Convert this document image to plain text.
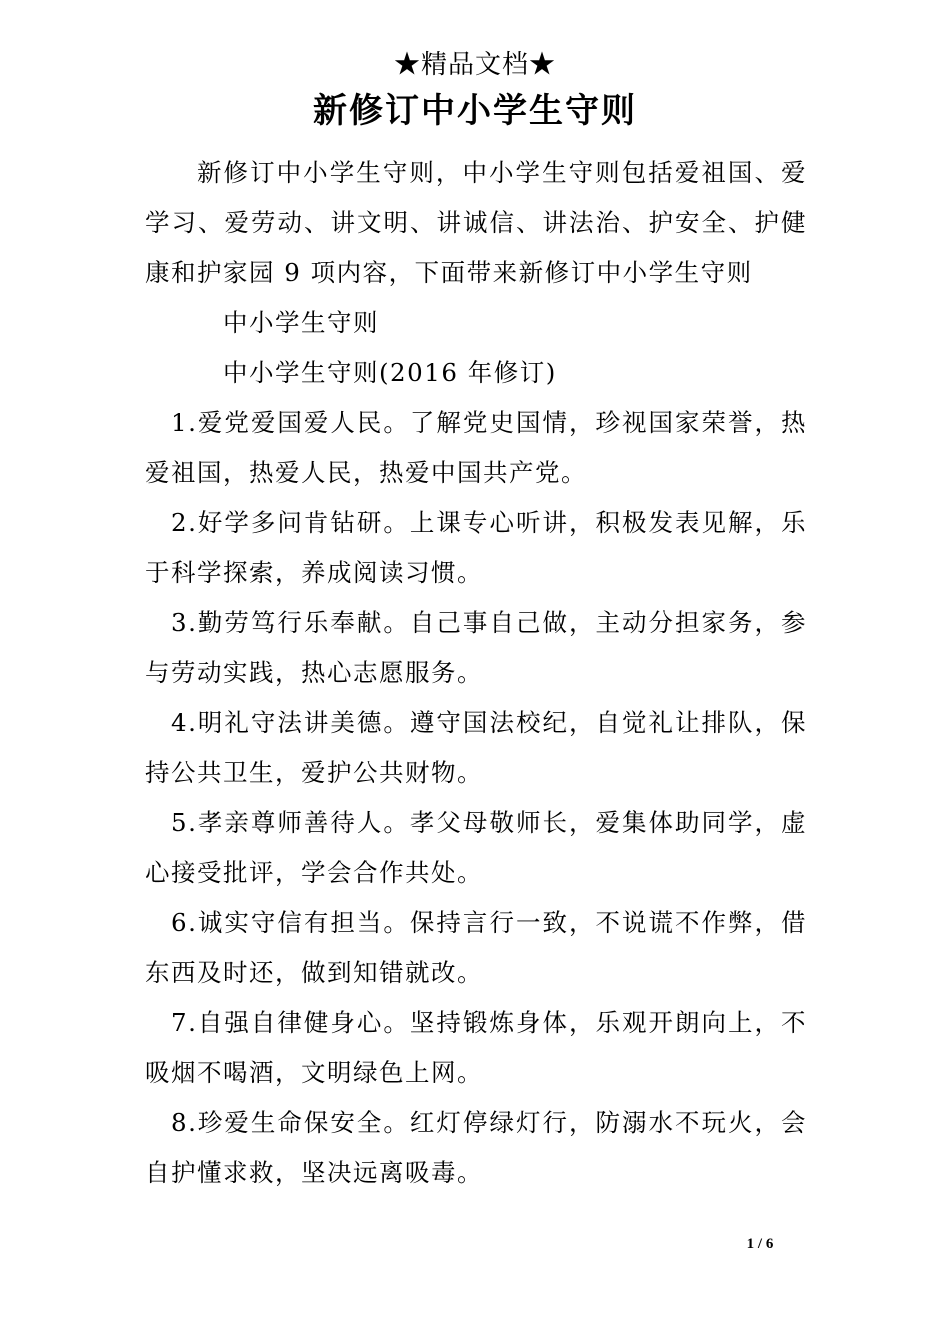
★精品文档★
新修订中小学生守则

新修订中小学生守则，中小学生守则包括爱祖国、爱学习、爱劳动、讲文明、讲诚信、讲法治、护安全、护健康和护家园 9 项内容，下面带来新修订中小学生守则

中小学生守则

中小学生守则(2016 年修订)

1.爱党爱国爱人民。了解党史国情，珍视国家荣誉，热爱祖国，热爱人民，热爱中国共产党。

2.好学多问肯钻研。上课专心听讲，积极发表见解，乐于科学探索，养成阅读习惯。

3.勤劳笃行乐奉献。自己事自己做，主动分担家务，参与劳动实践，热心志愿服务。

4.明礼守法讲美德。遵守国法校纪，自觉礼让排队，保持公共卫生，爱护公共财物。

5.孝亲尊师善待人。孝父母敬师长，爱集体助同学，虚心接受批评，学会合作共处。

6.诚实守信有担当。保持言行一致，不说谎不作弊，借东西及时还，做到知错就改。

7.自强自律健身心。坚持锻炼身体，乐观开朗向上，不吸烟不喝酒，文明绿色上网。

8.珍爱生命保安全。红灯停绿灯行，防溺水不玩火，会自护懂求救，坚决远离吸毒。

1 / 6
